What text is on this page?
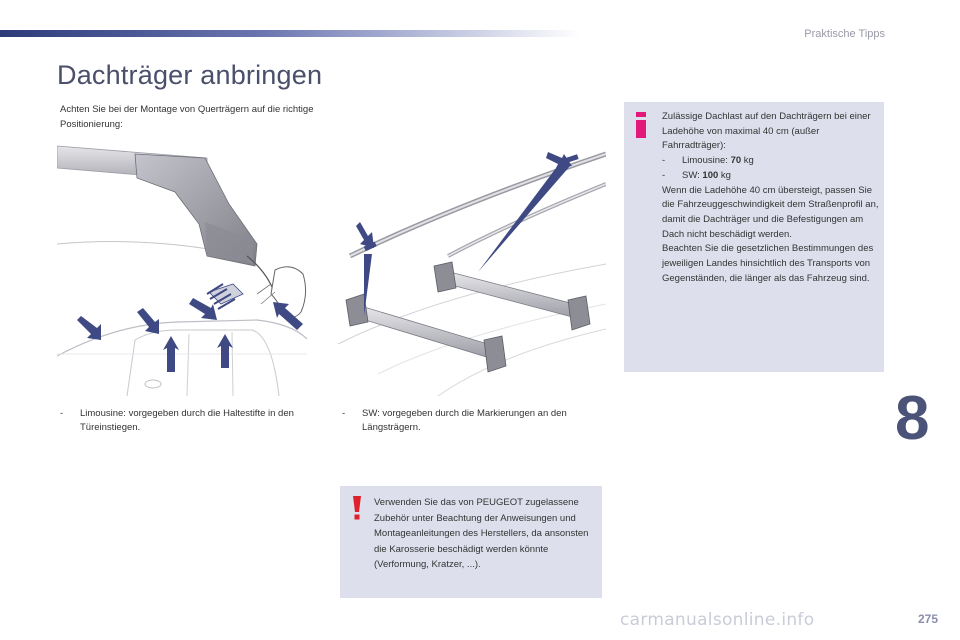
Praktische Tipps
Dachträger anbringen
Achten Sie bei der Montage von Querträgern auf die richtige Positionierung:
-	Limousine: vorgegeben durch die Haltestifte in den Türeinstiegen.
-	SW: vorgegeben durch die Markierungen an den Längsträgern.
Zulässige Dachlast auf den Dachträgern bei einer Ladehöhe von maximal 40 cm (außer Fahrradträger):
- Limousine: 70 kg
- SW: 100 kg
Wenn die Ladehöhe 40 cm übersteigt, passen Sie die Fahrzeuggeschwindigkeit dem Straßenprofil an, damit die Dachträger und die Befestigungen am Dach nicht beschädigt werden.
Beachten Sie die gesetzlichen Bestimmungen des jeweiligen Landes hinsichtlich des Transports von Gegenständen, die länger als das Fahrzeug sind.
Verwenden Sie das von PEUGEOT zugelassene Zubehör unter Beachtung der Anweisungen und Montageanleitungen des Herstellers, da ansonsten die Karosserie beschädigt werden könnte (Verformung, Kratzer, ...).
8
carmanualsonline.info	275
